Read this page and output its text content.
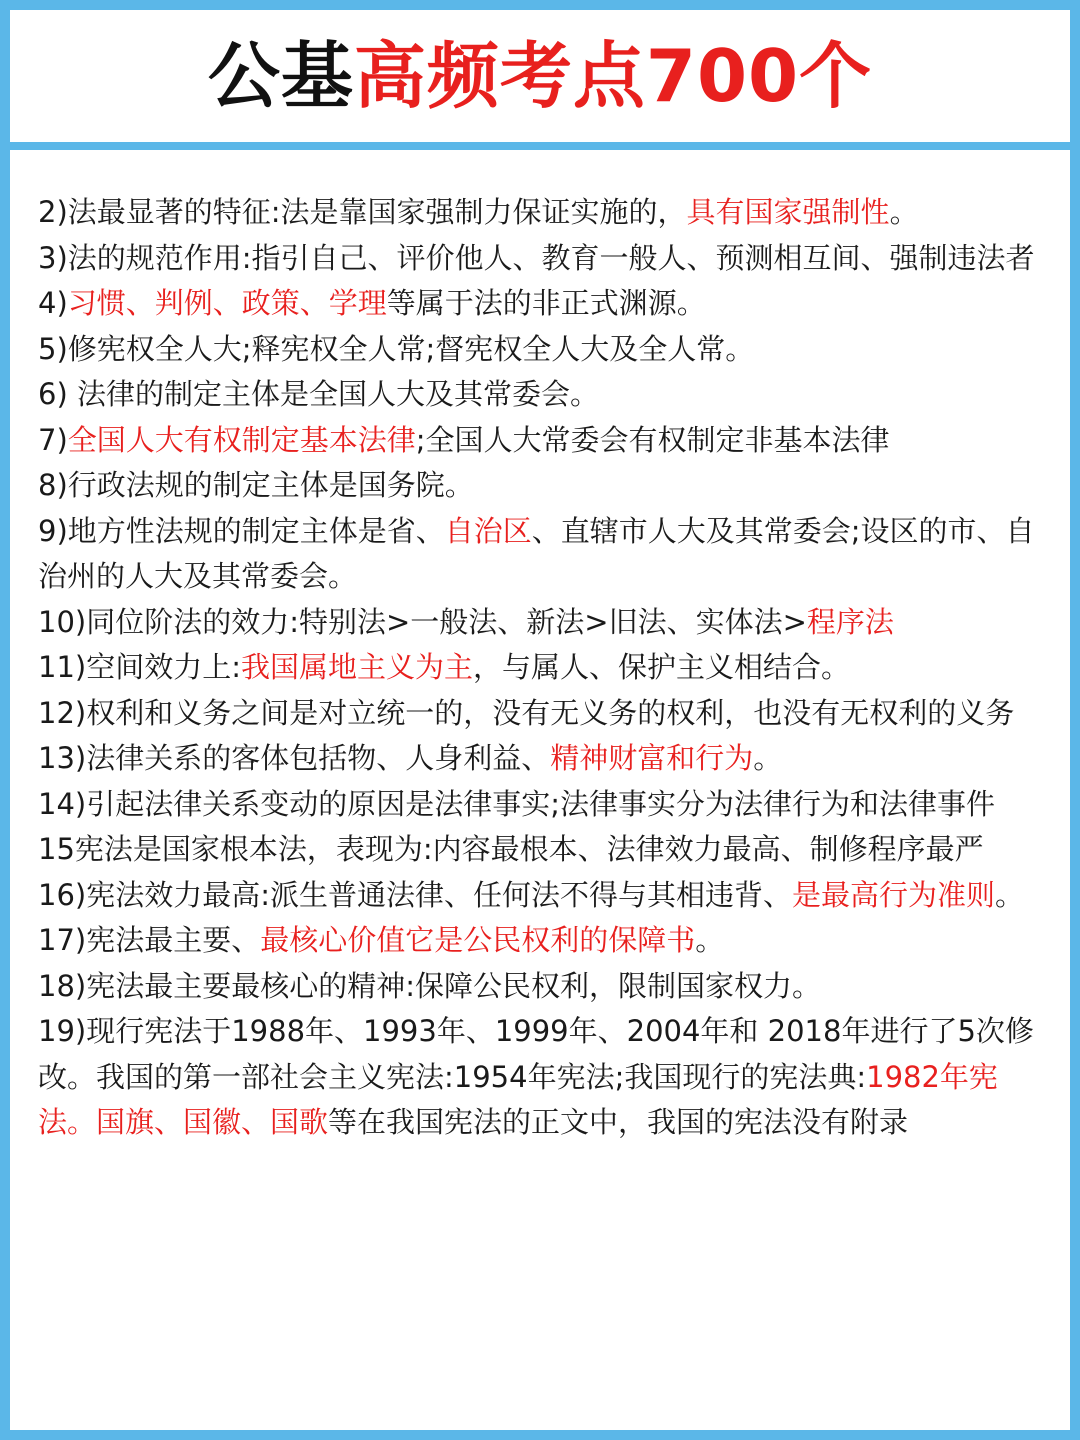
公基高频考点700个

2)法最显著的特征:法是靠国家强制力保证实施的，具有国家强制性。

3)法的规范作用:指引自己、评价他人、教育一般人、预测相互间、强制违法者

4)习惯、判例、政策、学理等属于法的非正式渊源。

5)修宪权全人大;释宪权全人常;督宪权全人大及全人常。

6) 法律的制定主体是全国人大及其常委会。

7)全国人大有权制定基本法律;全国人大常委会有权制定非基本法律

8)行政法规的制定主体是国务院。

9)地方性法规的制定主体是省、自治区、直辖市人大及其常委会;设区的市、自治州的人大及其常委会。

10)同位阶法的效力:特别法>一般法、新法>旧法、实体法>程序法

11)空间效力上:我国属地主义为主，与属人、保护主义相结合。

12)权利和义务之间是对立统一的，没有无义务的权利，也没有无权利的义务

13)法律关系的客体包括物、人身利益、精神财富和行为。

14)引起法律关系变动的原因是法律事实;法律事实分为法律行为和法律事件

15宪法是国家根本法，表现为:内容最根本、法律效力最高、制修程序最严

16)宪法效力最高:派生普通法律、任何法不得与其相违背、是最高行为准则。

17)宪法最主要、最核心价值它是公民权利的保障书。

18)宪法最主要最核心的精神:保障公民权利，限制国家权力。

19)现行宪法于1988年、1993年、1999年、2004年和 2018年进行了5次修改。我国的第一部社会主义宪法:1954年宪法;我国现行的宪法典:1982年宪法。国旗、国徽、国歌等在我国宪法的正文中，我国的宪法没有附录
